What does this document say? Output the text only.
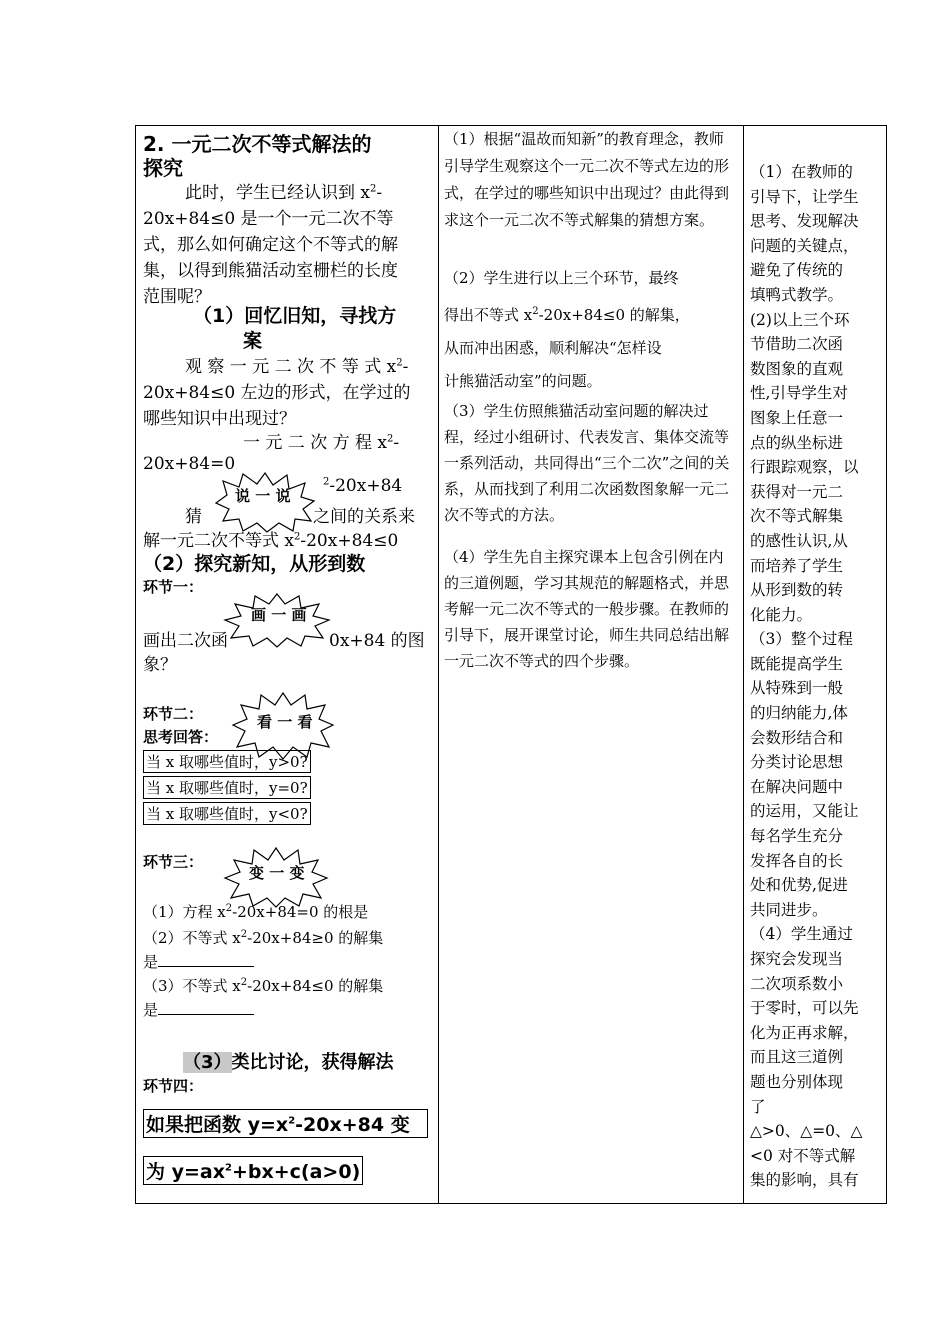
2. 一元二次不等式解法的
探究
此时，学生已经认识到 $x^2-$
20x+84≤0 是一个一元二次不等
式，那么如何确定这个不等式的解
集，以得到熊猫活动室栅栏的长度
范围呢？
（1）回忆旧知，寻找方
案
观 察 一 元 二 次 不 等 式 $x^2-$
20x+84≤0 左边的形式，在学过的
哪些知识中出现过？
一 元 二 次 方 程 $x^2-$
20x+84=0
$^2$-20x+84
猜	之间的关系来
解一元二次不等式 $x^2-20x+84\le 0$
说 一 说
（2）探究新知，从形到数
环节一：
画出二次函	0x+84 的图
象？
画 一 画
环节二：
思考回答：
看 一 看
当 x 取哪些值时，y>0?
当 x 取哪些值时，y=0?
当 x 取哪些值时，y<0?
环节三：
变 一 变
（1）方程 $x^2-20x+84=0$ 的根是
（2）不等式 $x^2-20x+84\ge 0$ 的解集
是
（3）不等式 $x^2-20x+84\le 0$ 的解集
是
（3）类比讨论，获得解法
环节四：
如果把函数 $y=x^2-20x+84$ 变
为 $y=ax^2+bx+c(a>0)$
（1）根据“温故而知新”的教育理念，教师引导学生观察这个一元二次不等式左边的形式，在学过的哪些知识中出现过？由此得到求这个一元二次不等式解集的猜想方案。
（2）学生进行以上三个环节，最终
得出不等式 $x^2-20x+84\le 0$ 的解集，
从而冲出困惑，顺利解决“怎样设
计熊猫活动室”的问题。
（3）学生仿照熊猫活动室问题的解决过程，经过小组研讨、代表发言、集体交流等一系列活动，共同得出“三个二次”之间的关系，从而找到了利用二次函数图象解一元二次不等式的方法。
（4）学生先自主探究课本上包含引例在内的三道例题，学习其规范的解题格式，并思考解一元二次不等式的一般步骤。在教师的引导下，展开课堂讨论，师生共同总结出解一元二次不等式的四个步骤。
（1）在教师的
引导下，让学生
思考、发现解决
问题的关键点，
避免了传统的
填鸭式教学。
(2)以上三个环
节借助二次函
数图象的直观
性,引导学生对
图象上任意一
点的纵坐标进
行跟踪观察，以
获得对一元二
次不等式解集
的感性认识,从
而培养了学生
从形到数的转
化能力。
（3）整个过程
既能提高学生
从特殊到一般
的归纳能力,体
会数形结合和
分类讨论思想
在解决问题中
的运用，又能让
每名学生充分
发挥各自的长
处和优势,促进
共同进步。
（4）学生通过
探究会发现当
二次项系数小
于零时，可以先
化为正再求解，
而且这三道例
题也分别体现
了
△>0、△=0、△
<0 对不等式解
集的影响，具有
